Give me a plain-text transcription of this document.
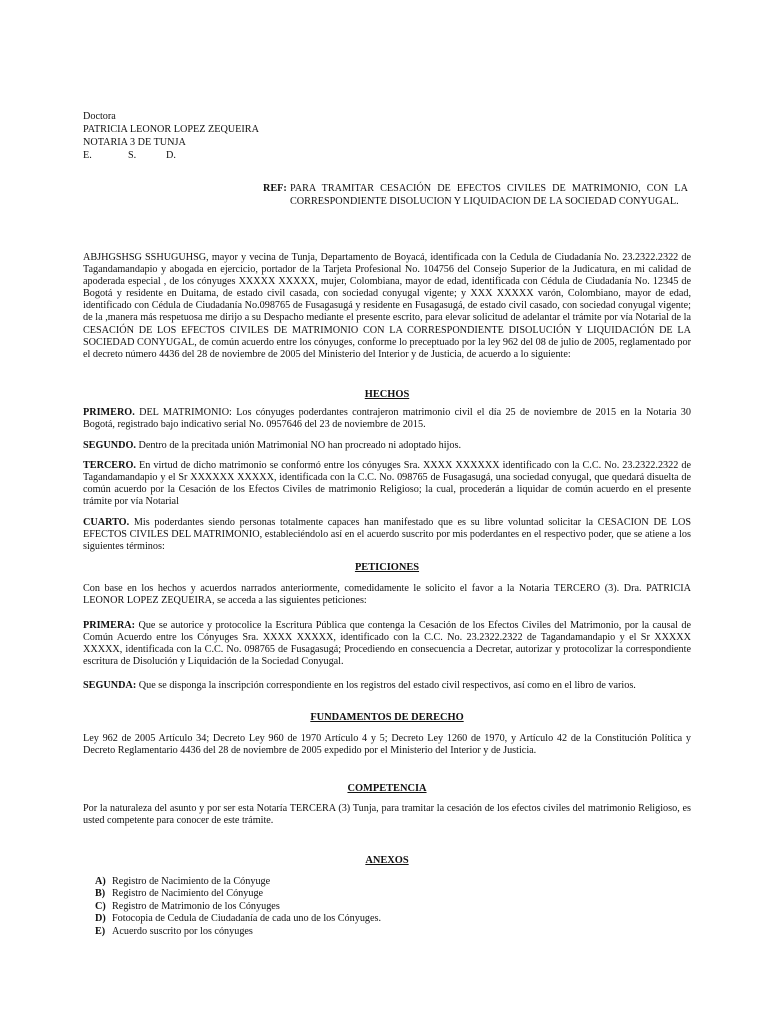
Doctora
PATRICIA LEONOR LOPEZ ZEQUEIRA
NOTARIA 3 DE TUNJA
E.	S.	D.
REF: PARA TRAMITAR CESACIÓN DE EFECTOS CIVILES DE MATRIMONIO, CON LA CORRESPONDIENTE DISOLUCION Y LIQUIDACION DE LA SOCIEDAD CONYUGAL.

ABJHGSHSG SSHUGUHSG, mayor y vecina de Tunja, Departamento de Boyacá, identificada con la Cedula de Ciudadanía No. 23.2322.2322 de Tagandamandapio y abogada en ejercicio, portador de la Tarjeta Profesional No. 104756 del Consejo Superior de la Judicatura, en mi calidad de apoderada especial , de los cónyuges XXXXX XXXXX, mujer, Colombiana, mayor de edad, identificada con Cédula de Ciudadanía No. 12345 de Bogotá y residente en Duitama, de estado civil casada, con sociedad conyugal vigente; y XXX XXXXX varón, Colombiano, mayor de edad, identificado con Cédula de Ciudadanía No.098765 de Fusagasugá y residente en Fusagasugá, de estado civil casado, con sociedad conyugal vigente; de la ,manera más respetuosa me dirijo a su Despacho mediante el presente escrito, para elevar solicitud de adelantar el trámite por vía Notarial de la CESACIÓN DE LOS EFECTOS CIVILES DE MATRIMONIO CON LA CORRESPONDIENTE DISOLUCIÓN Y LIQUIDACIÓN DE LA SOCIEDAD CONYUGAL, de común acuerdo entre los cónyuges, conforme lo preceptuado por la ley 962 del 08 de julio de 2005, reglamentado por el decreto número 4436 del 28 de noviembre de 2005 del Ministerio del Interior y de Justicia, de acuerdo a lo siguiente:

HECHOS

PRIMERO. DEL MATRIMONIO: Los cónyuges poderdantes contrajeron matrimonio civil el día 25 de noviembre de 2015 en la Notaria 30 Bogotá, registrado bajo indicativo serial No. 0957646 del 23 de noviembre de 2015.

SEGUNDO. Dentro de la precitada unión Matrimonial NO han procreado ni adoptado hijos.

TERCERO. En virtud de dicho matrimonio se conformó entre los cónyuges Sra. XXXX XXXXXX identificado con la C.C. No. 23.2322.2322 de Tagandamandapio y el Sr XXXXXX XXXXX, identificada con la C.C. No. 098765 de Fusagasugá, una sociedad conyugal, que quedará disuelta de común acuerdo por la Cesación de los Efectos Civiles de matrimonio Religioso; la cual, procederán a liquidar de común acuerdo en el presente trámite por vía Notarial

CUARTO. Mis poderdantes siendo personas totalmente capaces han manifestado que es su libre voluntad solicitar la CESACION DE LOS EFECTOS CIVILES DEL MATRIMONIO, estableciéndolo así en el acuerdo suscrito por mis poderdantes en el respectivo poder, que se atiene a los siguientes términos:

PETICIONES

Con base en los hechos y acuerdos narrados anteriormente, comedidamente le solicito el favor a la Notaria TERCERO (3). Dra. PATRICIA LEONOR LOPEZ ZEQUEIRA, se acceda a las siguientes peticiones:

PRIMERA: Que se autorice y protocolice la Escritura Pública que contenga la Cesación de los Efectos Civiles del Matrimonio, por la causal de Común Acuerdo entre los Cónyuges Sra. XXXX XXXXX, identificado con la C.C. No. 23.2322.2322 de Tagandamandapio y el Sr XXXXX XXXXX, identificada con la C.C. No. 098765 de Fusagasugá; Procediendo en consecuencia a Decretar, autorizar y protocolizar la correspondiente escritura de Disolución y Liquidación de la Sociedad Conyugal.

SEGUNDA: Que se disponga la inscripción correspondiente en los registros del estado civil respectivos, así como en el libro de varios.

FUNDAMENTOS DE DERECHO

Ley 962 de 2005 Artículo 34; Decreto Ley 960 de 1970 Artículo 4 y 5; Decreto Ley 1260 de 1970, y Artículo 42 de la Constitución Política y Decreto Reglamentario 4436 del 28 de noviembre de 2005 expedido por el Ministerio del Interior y de Justicia.

COMPETENCIA

Por la naturaleza del asunto y por ser esta Notaría TERCERA (3) Tunja, para tramitar la cesación de los efectos civiles del matrimonio Religioso, es usted competente para conocer de este trámite.

ANEXOS
A) Registro de Nacimiento de la Cónyuge
B) Registro de Nacimiento del Cónyuge
C) Registro de Matrimonio de los Cónyuges
D) Fotocopia de Cedula de Ciudadanía de cada uno de los Cónyuges.
E) Acuerdo suscrito por los cónyuges
